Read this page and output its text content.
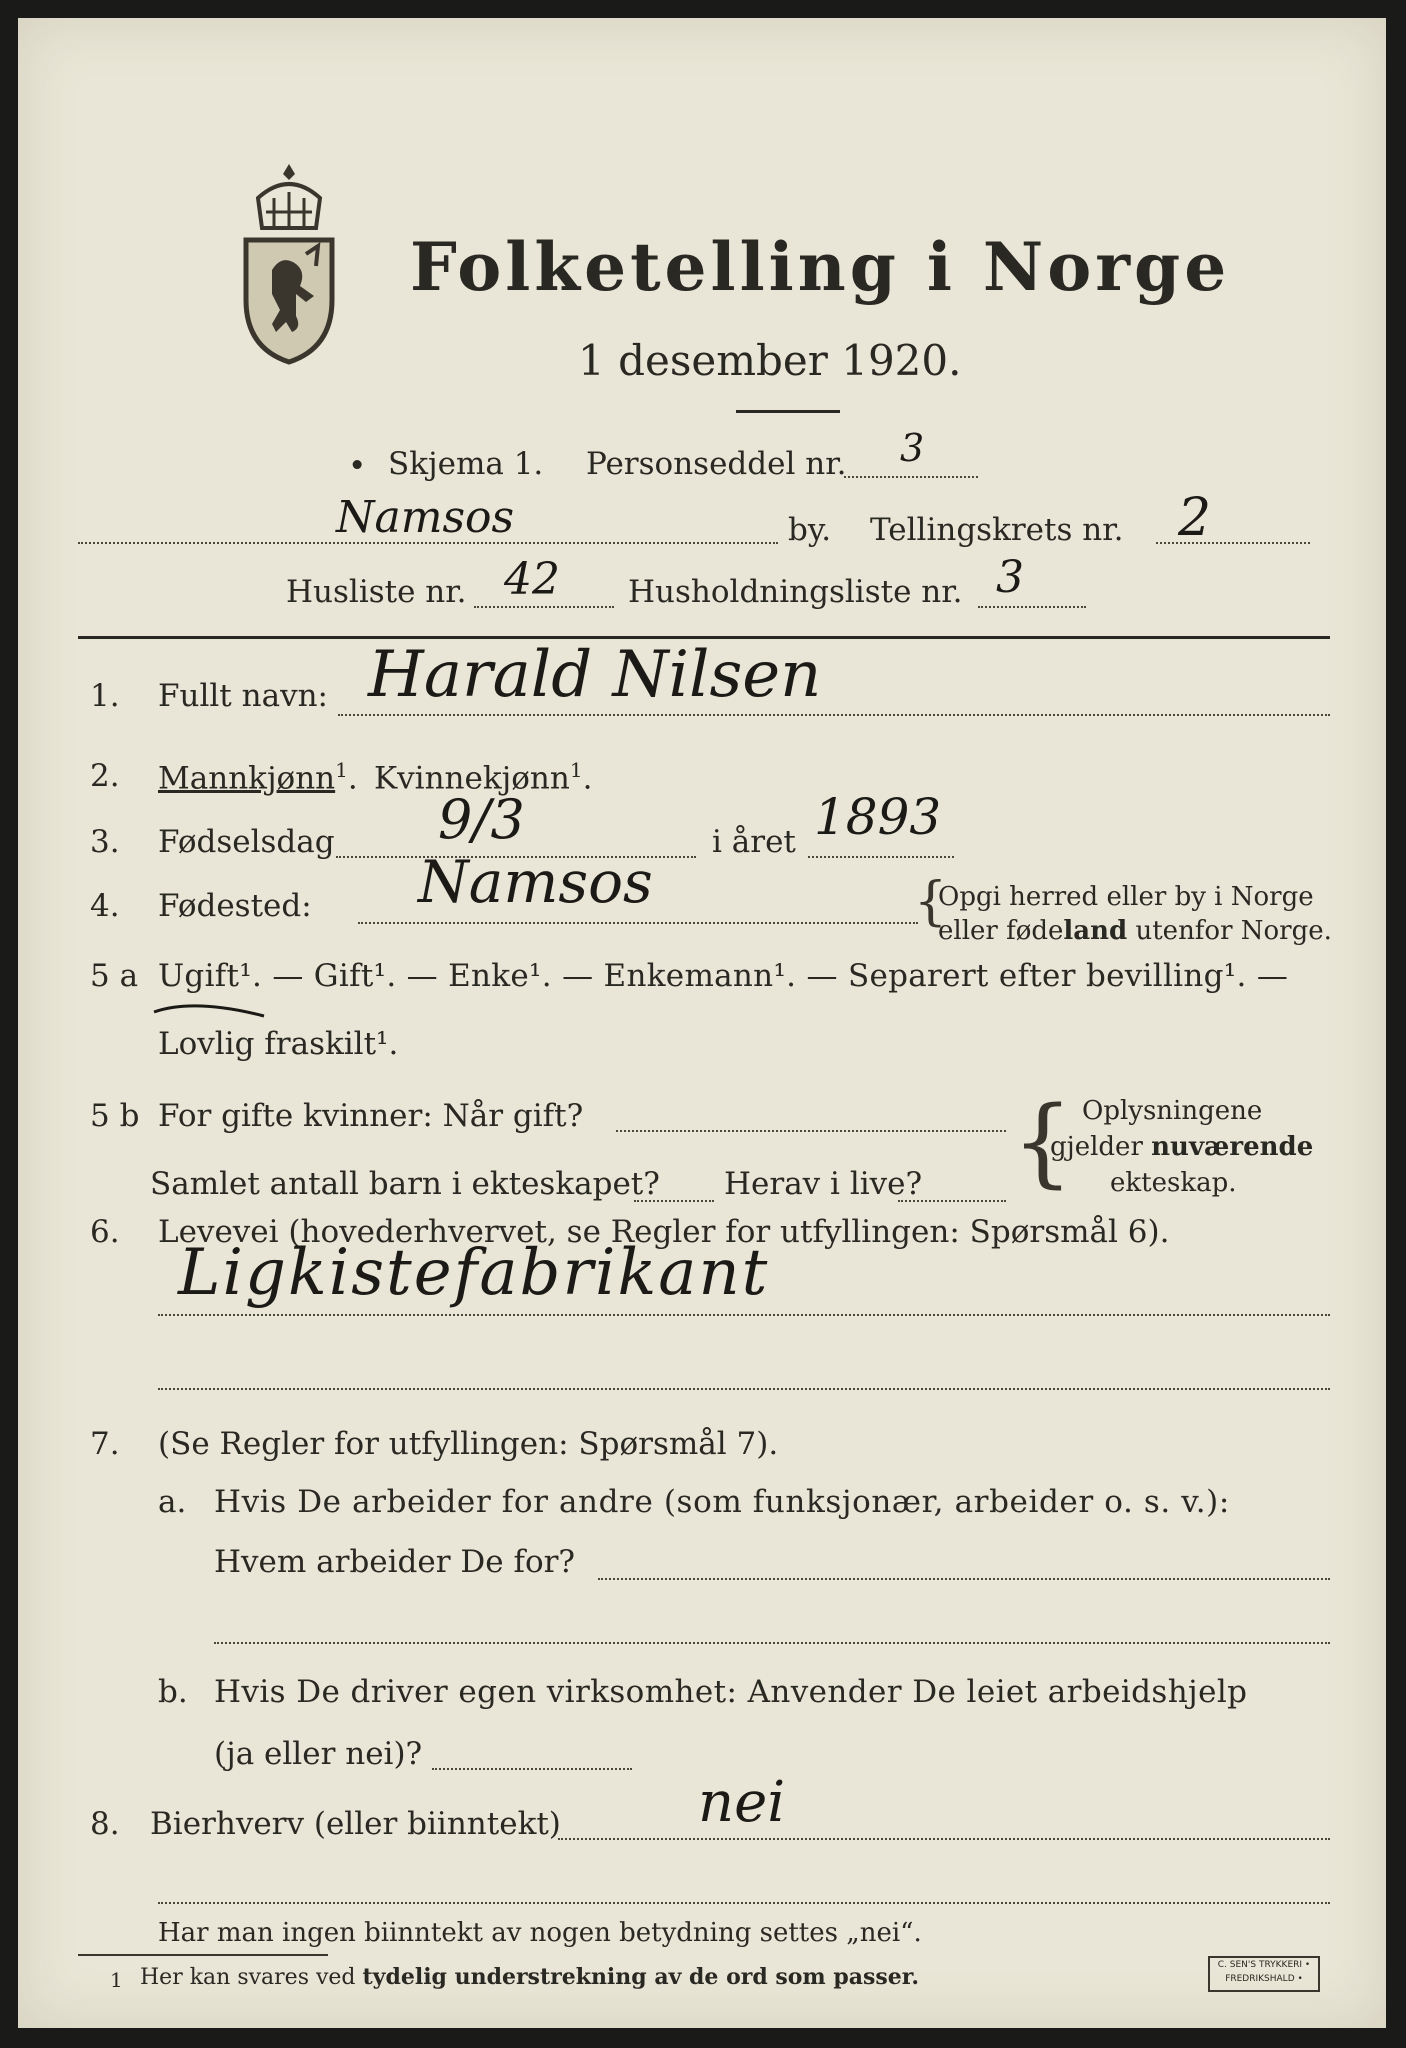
Folketelling i Norge
1 desember 1920.
• Skjema 1. Personseddel nr. 3
Namsos	by. Tellingskrets nr. 2
Husliste nr. 42 Husholdningsliste nr. 3
1. Fullt navn: Harald Nilsen
2. Mannkjønn$^1$. Kvinnekjønn$^1$.
3. Fødselsdag 9/3	i året 1893
4. Fødested: Namsos	{
Opgi herred eller by i Norge
eller fødeland utenfor Norge.
5 a Ugift¹. — Gift¹. — Enke¹. — Enkemann¹. — Separert efter bevilling¹. —
Lovlig fraskilt¹.
5 b For gifte kvinner: Når gift?
Samlet antall barn i ekteskapet? Herav i live? { Oplysningene
gjelder nuværende
ekteskap.
6. Levevei (hovederhvervet, se Regler for utfyllingen: Spørsmål 6).
Ligkistefabrikant
7. (Se Regler for utfyllingen: Spørsmål 7).
a. Hvis De arbeider for andre (som funksjonær, arbeider o. s. v.):
Hvem arbeider De for?
b. Hvis De driver egen virksomhet: Anvender De leiet arbeidshjelp
(ja eller nei)?
8. Bierhverv (eller biinntekt) nei
Har man ingen biinntekt av nogen betydning settes „nei“.
1 Her kan svares ved tydelig understrekning av de ord som passer.	C. SEN'S TRYKKERI • FREDRIKSHALD •
